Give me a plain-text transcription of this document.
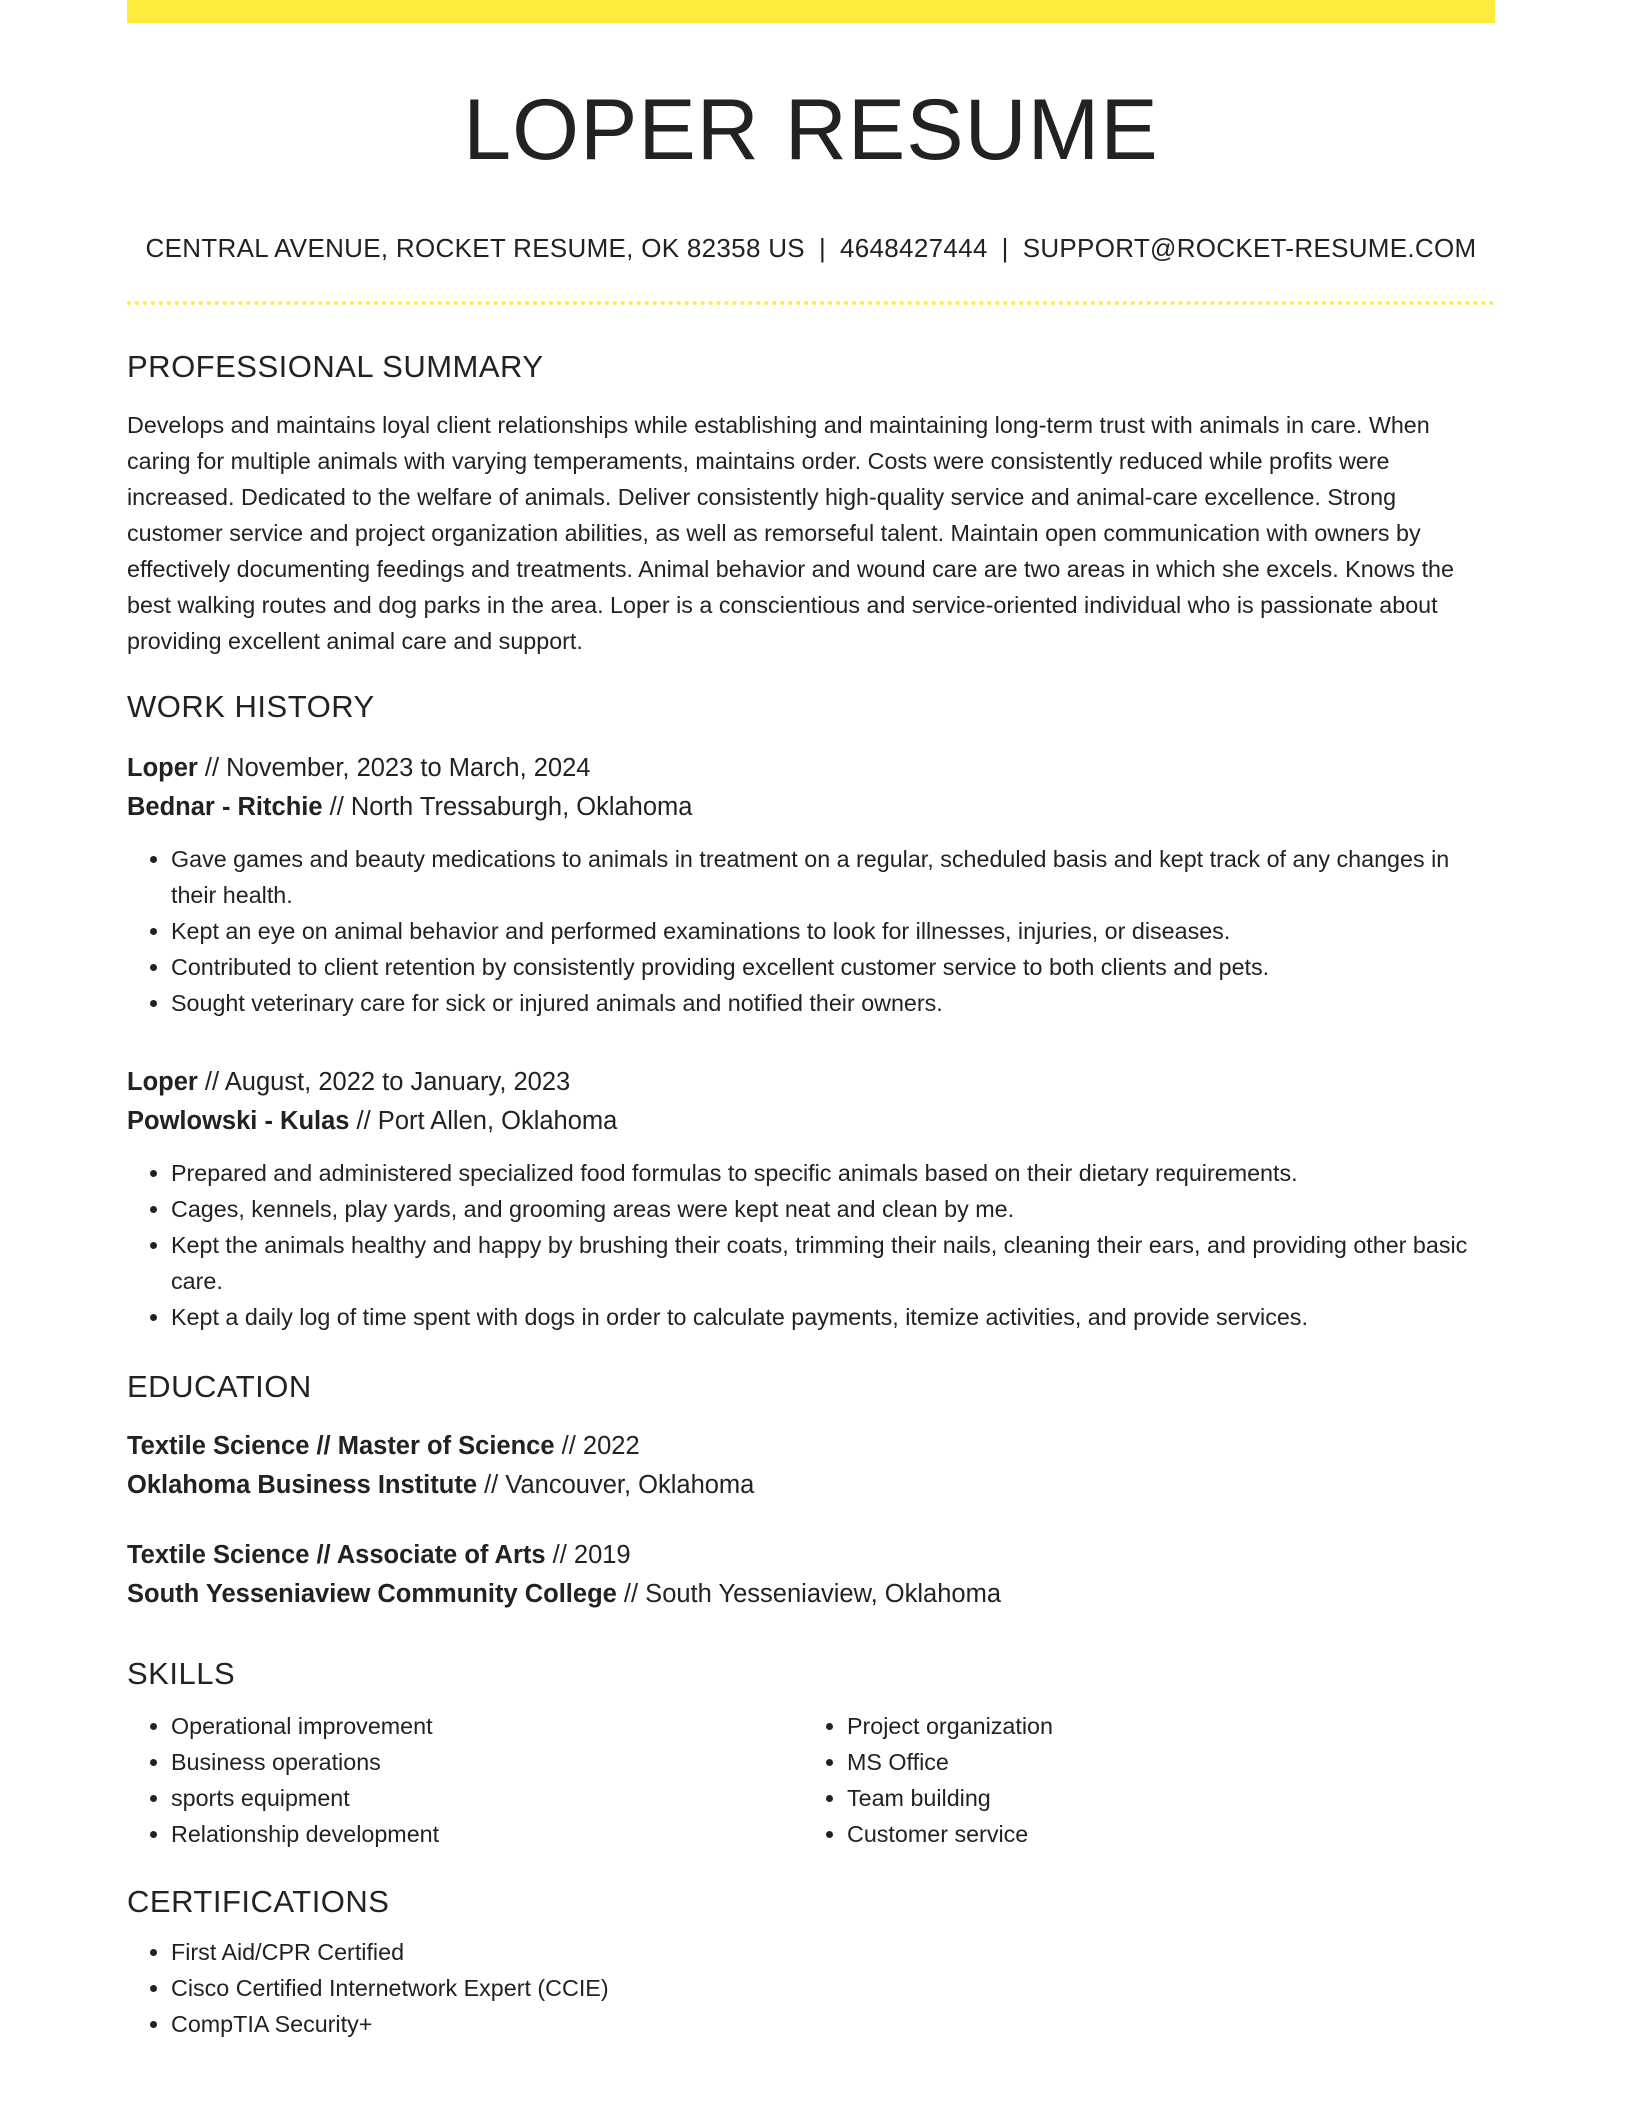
LOPER RESUME
CENTRAL AVENUE, ROCKET RESUME, OK 82358 US | 4648427444 | SUPPORT@ROCKET-RESUME.COM
PROFESSIONAL SUMMARY
Develops and maintains loyal client relationships while establishing and maintaining long-term trust with animals in care. When caring for multiple animals with varying temperaments, maintains order. Costs were consistently reduced while profits were increased. Dedicated to the welfare of animals. Deliver consistently high-quality service and animal-care excellence. Strong customer service and project organization abilities, as well as remorseful talent. Maintain open communication with owners by effectively documenting feedings and treatments. Animal behavior and wound care are two areas in which she excels. Knows the best walking routes and dog parks in the area. Loper is a conscientious and service-oriented individual who is passionate about providing excellent animal care and support.
WORK HISTORY
Loper // November, 2023 to March, 2024
Bednar - Ritchie // North Tressaburgh, Oklahoma
• Gave games and beauty medications to animals in treatment on a regular, scheduled basis and kept track of any changes in their health.
• Kept an eye on animal behavior and performed examinations to look for illnesses, injuries, or diseases.
• Contributed to client retention by consistently providing excellent customer service to both clients and pets.
• Sought veterinary care for sick or injured animals and notified their owners.
Loper // August, 2022 to January, 2023
Powlowski - Kulas // Port Allen, Oklahoma
• Prepared and administered specialized food formulas to specific animals based on their dietary requirements.
• Cages, kennels, play yards, and grooming areas were kept neat and clean by me.
• Kept the animals healthy and happy by brushing their coats, trimming their nails, cleaning their ears, and providing other basic care.
• Kept a daily log of time spent with dogs in order to calculate payments, itemize activities, and provide services.
EDUCATION
Textile Science // Master of Science // 2022
Oklahoma Business Institute // Vancouver, Oklahoma
Textile Science // Associate of Arts // 2019
South Yesseniaview Community College // South Yesseniaview, Oklahoma
SKILLS
• Operational improvement
• Business operations
• sports equipment
• Relationship development
• Project organization
• MS Office
• Team building
• Customer service
CERTIFICATIONS
• First Aid/CPR Certified
• Cisco Certified Internetwork Expert (CCIE)
• CompTIA Security+
